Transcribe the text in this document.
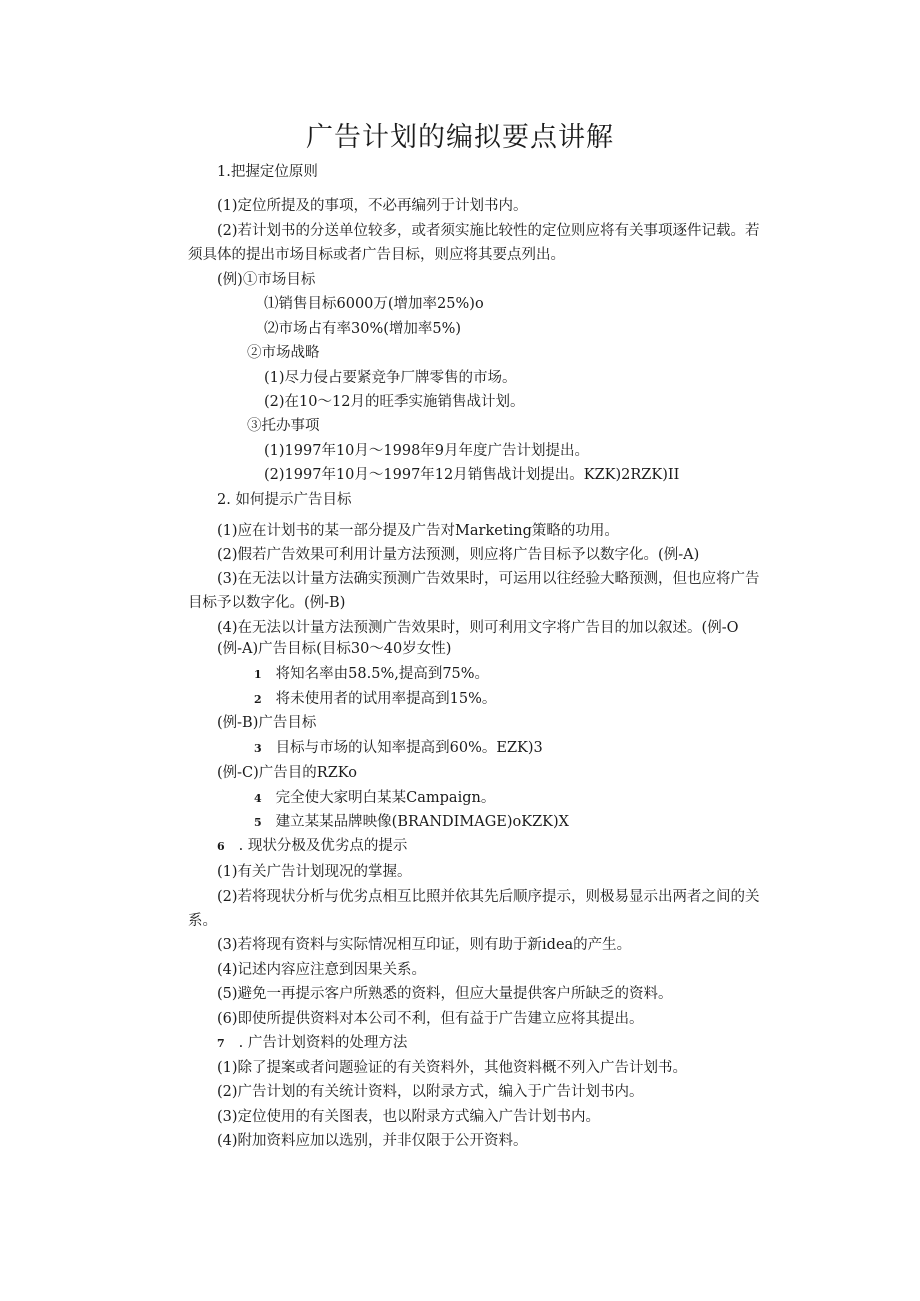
广告计划的编拟要点讲解
1.把握定位原则
(1)定位所提及的事项，不必再编列于计划书内。
(2)若计划书的分送单位较多，或者须实施比较性的定位则应将有关事项逐件记载。若
须具体的提出市场目标或者广告目标，则应将其要点列出。
(例)①市场目标
⑴销售目标6000万(增加率25%)o
⑵市场占有率30%(增加率5%)
②市场战略
(1)尽力侵占要紧竞争厂牌零售的市场。
(2)在10～12月的旺季实施销售战计划。
③托办事项
(1)1997年10月～1998年9月年度广告计划提出。
(2)1997年10月～1997年12月销售战计划提出。KZK)2RZK)II
2. 如何提示广告目标
(1)应在计划书的某一部分提及广告对Marketing策略的功用。
(2)假若广告效果可利用计量方法预测，则应将广告目标予以数字化。(例-A)
(3)在无法以计量方法确实预测广告效果时，可运用以往经验大略预测，但也应将广告
目标予以数字化。(例-B)
(4)在无法以计量方法预测广告效果时，则可利用文字将广告目的加以叙述。(例-O
(例-A)广告目标(目标30～40岁女性)
1 将知名率由58.5%,提高到75%。
2 将未使用者的试用率提高到15%。
(例-B)广告目标
3 目标与市场的认知率提高到60%。EZK)3
(例-C)广告目的RZKo
4 完全使大家明白某某Campaign。
5 建立某某品牌映像(BRANDIMAGE)oKZK)X
6 . 现状分极及优劣点的提示
(1)有关广告计划现况的掌握。
(2)若将现状分析与优劣点相互比照并依其先后顺序提示，则极易显示出两者之间的关
系。
(3)若将现有资料与实际情况相互印证，则有助于新idea的产生。
(4)记述内容应注意到因果关系。
(5)避免一再提示客户所熟悉的资料，但应大量提供客户所缺乏的资料。
(6)即使所提供资料对本公司不利，但有益于广告建立应将其提出。
7 . 广告计划资料的处理方法
(1)除了提案或者问题验证的有关资料外，其他资料概不列入广告计划书。
(2)广告计划的有关统计资料，以附录方式，编入于广告计划书内。
(3)定位使用的有关图表，也以附录方式编入广告计划书内。
(4)附加资料应加以选别，并非仅限于公开资料。
